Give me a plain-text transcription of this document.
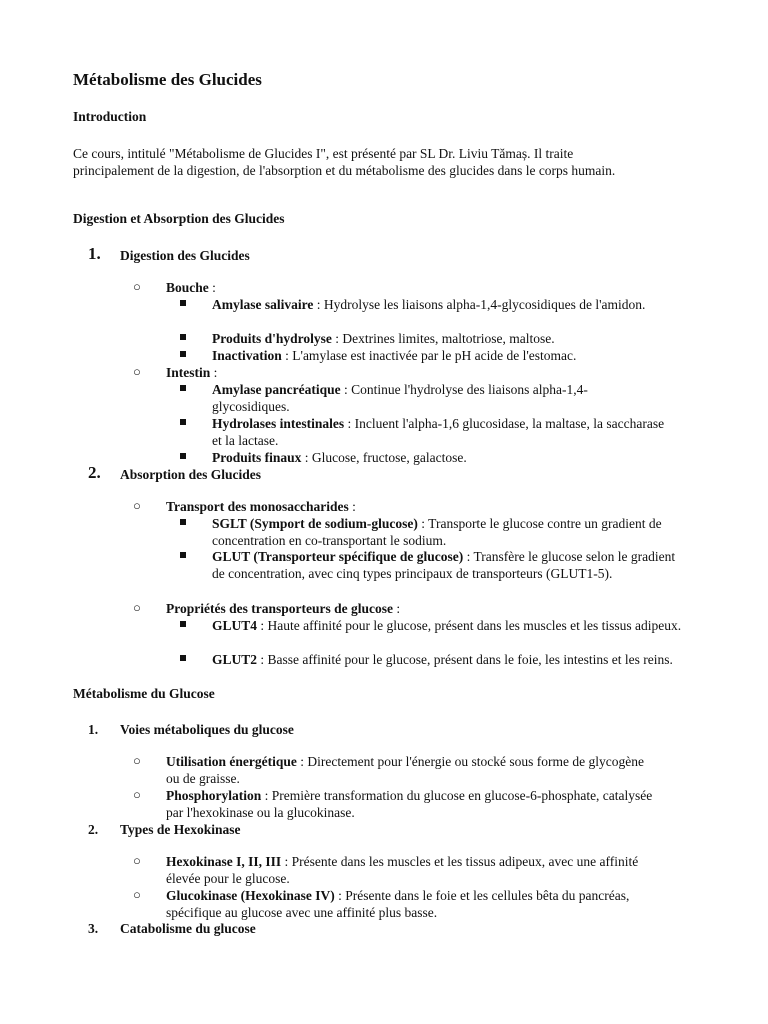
Métabolisme des Glucides
Introduction
Ce cours, intitulé "Métabolisme de Glucides I", est présenté par SL Dr. Liviu Tămaș. Il traite principalement de la digestion, de l'absorption et du métabolisme des glucides dans le corps humain.
Digestion et Absorption des Glucides
1. Digestion des Glucides
○ Bouche :
Amylase salivaire : Hydrolyse les liaisons alpha-1,4-glycosidiques de l'amidon.
Produits d'hydrolyse : Dextrines limites, maltotriose, maltose.
Inactivation : L'amylase est inactivée par le pH acide de l'estomac.
○ Intestin :
Amylase pancréatique : Continue l'hydrolyse des liaisons alpha-1,4-glycosidiques.
Hydrolases intestinales : Incluent l'alpha-1,6 glucosidase, la maltase, la saccharase et la lactase.
Produits finaux : Glucose, fructose, galactose.
2. Absorption des Glucides
○ Transport des monosaccharides :
SGLT (Symport de sodium-glucose) : Transporte le glucose contre un gradient de concentration en co-transportant le sodium.
GLUT (Transporteur spécifique de glucose) : Transfère le glucose selon le gradient de concentration, avec cinq types principaux de transporteurs (GLUT1-5).
○ Propriétés des transporteurs de glucose :
GLUT4 : Haute affinité pour le glucose, présent dans les muscles et les tissus adipeux.
GLUT2 : Basse affinité pour le glucose, présent dans le foie, les intestins et les reins.
Métabolisme du Glucose
1. Voies métaboliques du glucose
○ Utilisation énergétique : Directement pour l'énergie ou stocké sous forme de glycogène ou de graisse.
○ Phosphorylation : Première transformation du glucose en glucose-6-phosphate, catalysée par l'hexokinase ou la glucokinase.
2. Types de Hexokinase
○ Hexokinase I, II, III : Présente dans les muscles et les tissus adipeux, avec une affinité élevée pour le glucose.
○ Glucokinase (Hexokinase IV) : Présente dans le foie et les cellules bêta du pancréas, spécifique au glucose avec une affinité plus basse.
3. Catabolisme du glucose
